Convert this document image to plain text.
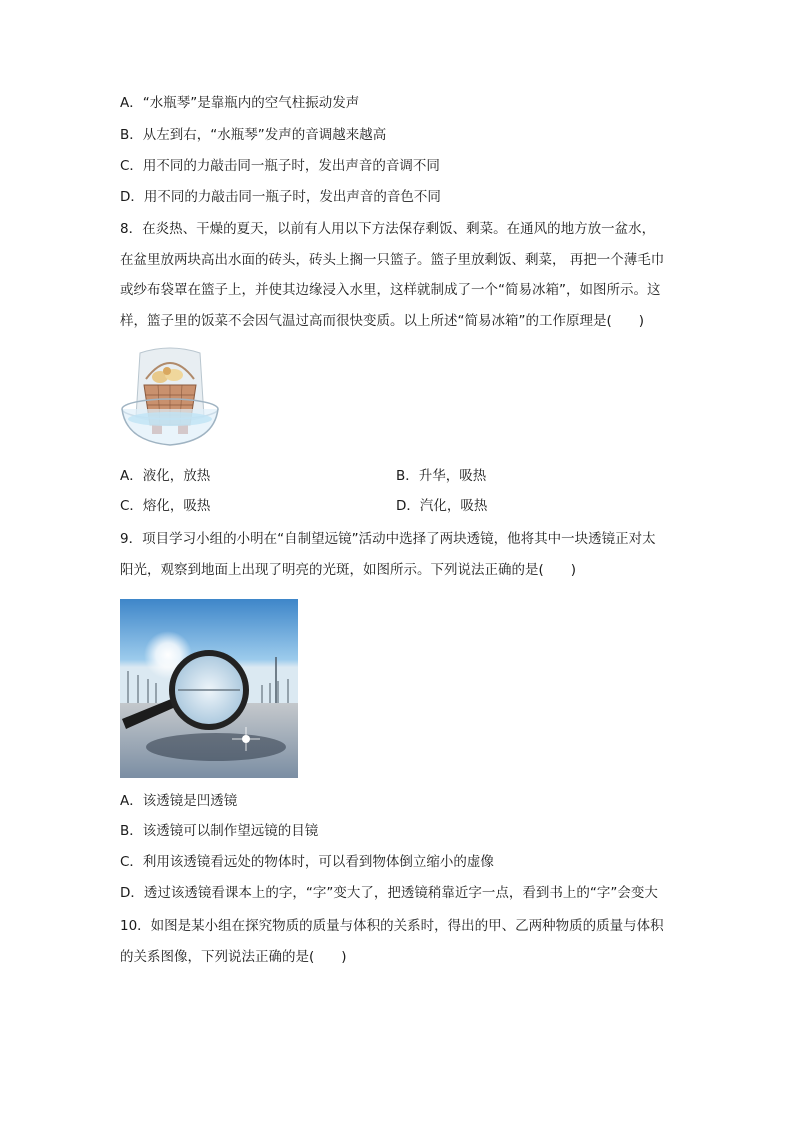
A．“水瓶琴”是靠瓶内的空气柱振动发声
B．从左到右，“水瓶琴”发声的音调越来越高
C．用不同的力敲击同一瓶子时，发出声音的音调不同
D．用不同的力敲击同一瓶子时，发出声音的音色不同
8．在炎热、干燥的夏天，以前有人用以下方法保存剩饭、剩菜。在通风的地方放一盆水，
在盆里放两块高出水面的砖头，砖头上搁一只篮子。篮子里放剩饭、剩菜， 再把一个薄毛巾
或纱布袋罩在篮子上，并使其边缘浸入水里，这样就制成了一个“简易冰箱”，如图所示。这
样，篮子里的饭菜不会因气温过高而很快变质。以上所述“简易冰箱”的工作原理是(　　)
A．液化，放热	B．升华，吸热
C．熔化，吸热	D．汽化，吸热
9．项目学习小组的小明在“自制望远镜”活动中选择了两块透镜，他将其中一块透镜正对太
阳光，观察到地面上出现了明亮的光斑，如图所示。下列说法正确的是(　　)
A．该透镜是凹透镜
B．该透镜可以制作望远镜的目镜
C．利用该透镜看远处的物体时，可以看到物体倒立缩小的虚像
D．透过该透镜看课本上的字，“字”变大了，把透镜稍靠近字一点，看到书上的“字”会变大
10．如图是某小组在探究物质的质量与体积的关系时，得出的甲、乙两种物质的质量与体积
的关系图像，下列说法正确的是(　　)
